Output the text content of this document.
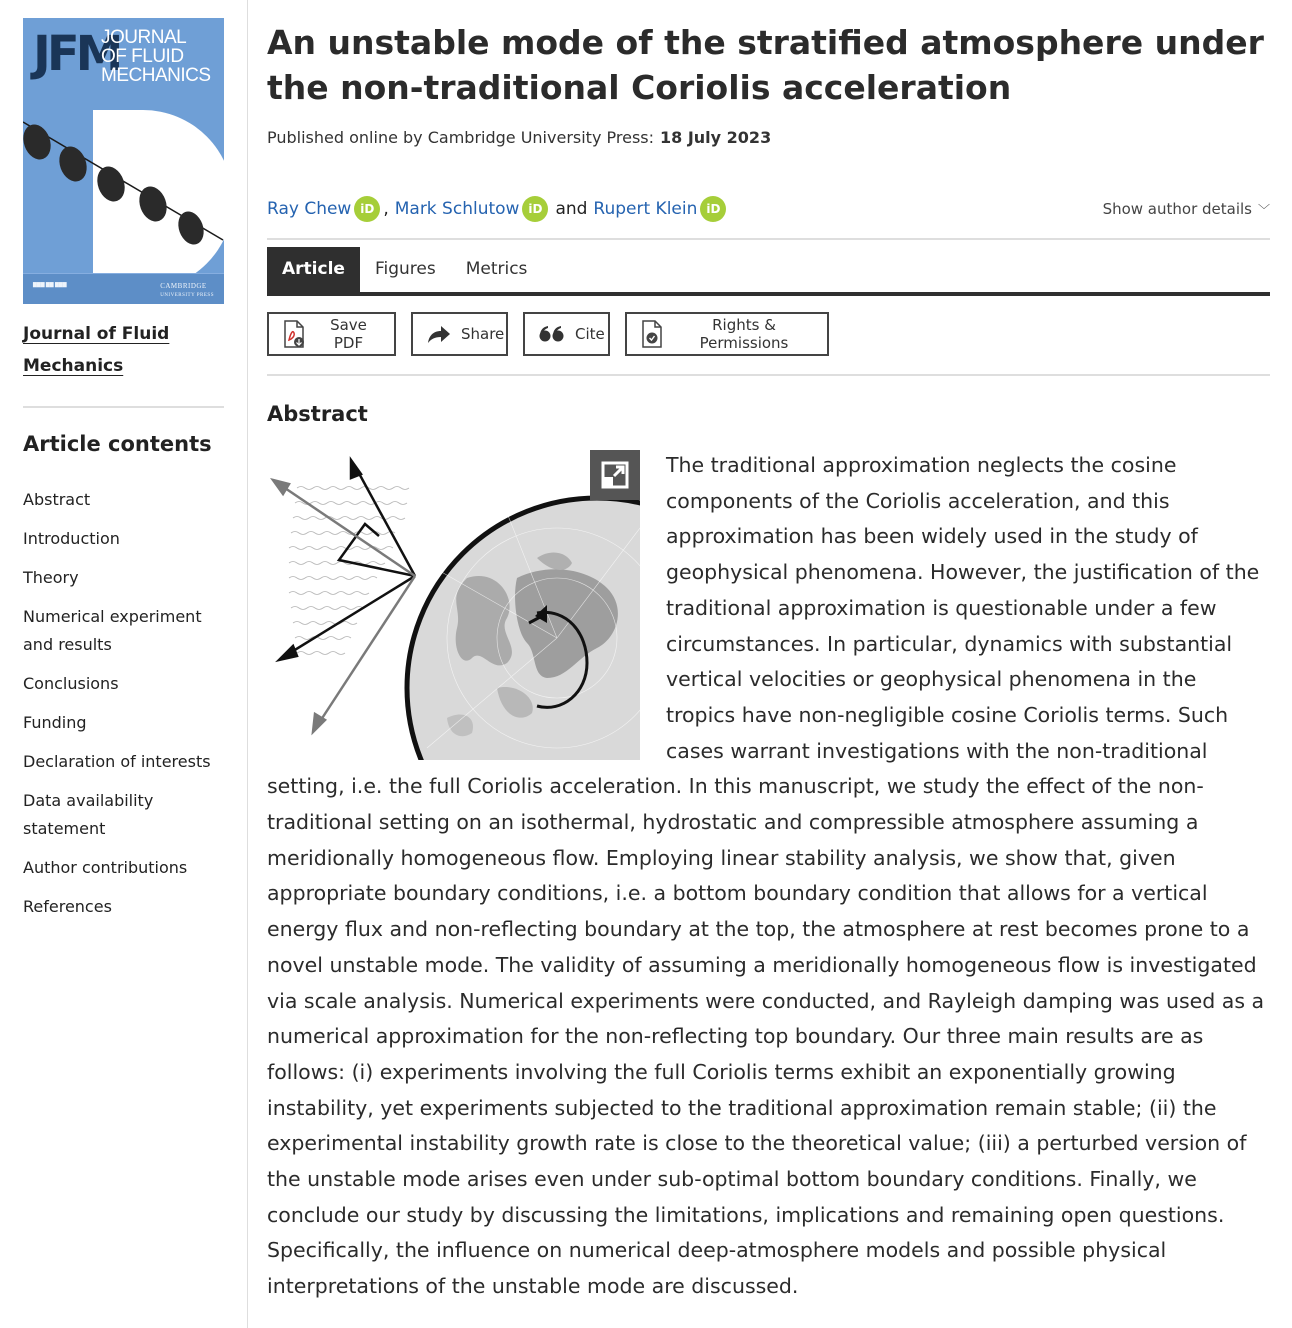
JFM
JOURNAL
OF FLUID
MECHANICS
▇▇▇ ▇▇ ▇▇▇	CAMBRIDGE
UNIVERSITY PRESS
Journal of Fluid Mechanics
Article contents
Abstract
Introduction
Theory
Numerical experiment and results
Conclusions
Funding
Declaration of interests
Data availability statement
Author contributions
References
An unstable mode of the stratified atmosphere under the non-traditional Coriolis acceleration
Published online by Cambridge University Press: 18 July 2023
Ray Chew iD , Mark Schlutow iD and Rupert Klein iD	Show author details ﹀
Article	Figures	Metrics
Save PDF	Share	Cite	Rights & Permissions
Abstract
The traditional approximation neglects the cosine components of the Coriolis acceleration, and this approximation has been widely used in the study of geophysical phenomena. However, the justification of the traditional approximation is questionable under a few circumstances. In particular, dynamics with substantial vertical velocities or geophysical phenomena in the tropics have non-negligible cosine Coriolis terms. Such cases warrant investigations with the non-traditional setting, i.e. the full Coriolis acceleration. In this manuscript, we study the effect of the non-traditional setting on an isothermal, hydrostatic and compressible atmosphere assuming a meridionally homogeneous flow. Employing linear stability analysis, we show that, given appropriate boundary conditions, i.e. a bottom boundary condition that allows for a vertical energy flux and non-reflecting boundary at the top, the atmosphere at rest becomes prone to a novel unstable mode. The validity of assuming a meridionally homogeneous flow is investigated via scale analysis. Numerical experiments were conducted, and Rayleigh damping was used as a numerical approximation for the non-reflecting top boundary. Our three main results are as follows: (i) experiments involving the full Coriolis terms exhibit an exponentially growing instability, yet experiments subjected to the traditional approximation remain stable; (ii) the experimental instability growth rate is close to the theoretical value; (iii) a perturbed version of the unstable mode arises even under sub-optimal bottom boundary conditions. Finally, we conclude our study by discussing the limitations, implications and remaining open questions. Specifically, the influence on numerical deep-atmosphere models and possible physical interpretations of the unstable mode are discussed.
